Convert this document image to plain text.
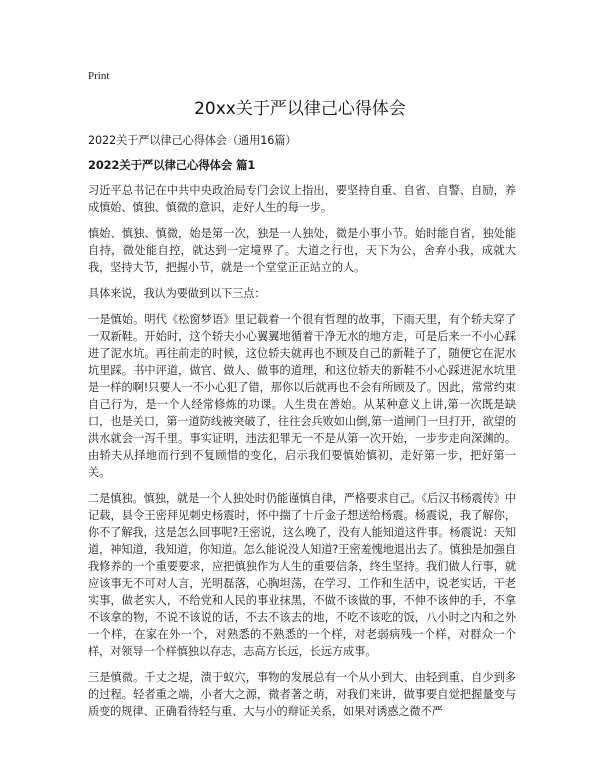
Print
20xx关于严以律己心得体会

2022关于严以律己心得体会（通用16篇）

2022关于严以律己心得体会 篇1

习近平总书记在中共中央政治局专门会议上指出，要坚持自重、自省、自警、自励，养成慎始、慎独、慎微的意识，走好人生的每一步。

慎始、慎独、慎微，始是第一次，独是一人独处，微是小事小节。始时能自省，独处能自持，微处能自控，就达到一定境界了。大道之行也，天下为公，舍弃小我，成就大我，坚持大节，把握小节，就是一个堂堂正正站立的人。

具体来说，我认为要做到以下三点：

一是慎始。明代《松窗梦语》里记载着一个很有哲理的故事，下雨天里，有个轿夫穿了一双新鞋。开始时，这个轿夫小心翼翼地循着干净无水的地方走，可是后来一不小心踩进了泥水坑。再往前走的时候，这位轿夫就再也不顾及自己的新鞋子了，随便它在泥水坑里踩。书中评道，做官、做人、做事的道理，和这位轿夫的新鞋不小心踩进泥水坑里是一样的啊!只要人一不小心犯了错，那你以后就再也不会有所顾及了。因此，常常约束自己行为，是一个人经常修炼的功课。人生贵在善始。从某种意义上讲,第一次既是缺口，也是关口，第一道防线被突破了，往往会兵败如山倒,第一道闸门一旦打开，欲望的洪水就会一泻千里。事实证明，违法犯罪无一不是从第一次开始，一步步走向深渊的。由轿夫从择地而行到不复顾惜的变化，启示我们要慎始慎初，走好第一步，把好第一关。

二是慎独。慎独，就是一个人独处时仍能谨慎自律，严格要求自己。《后汉书杨震传》中记载，县令王密拜见刺史杨震时，怀中揣了十斤金子想送给杨震。杨震说，我了解你，你不了解我，这是怎么回事呢?王密说，这么晚了，没有人能知道这件事。杨震说：天知道，神知道，我知道，你知道。怎么能说没人知道?王密羞愧地退出去了。慎独是加强自我修养的一个重要要求，应把慎独作为人生的重要信条，终生坚持。我们做人行事，就应该事无不可对人言，光明磊落，心胸坦荡，在学习、工作和生活中，说老实话，干老实事，做老实人，不给党和人民的事业抹黑，不做不该做的事，不伸不该伸的手，不拿不该拿的物，不说不该说的话，不去不该去的地，不吃不该吃的饭，八小时之内和之外一个样，在家在外一个，对熟悉的不熟悉的一个样，对老弱病残一个样，对群众一个样，对领导一个样慎独以存志，志高方长远，长远方成事。

三是慎微。千丈之堤，溃于蚁穴，事物的发展总有一个从小到大、由轻到重、自少到多的过程。轻者重之端，小者大之源，微者著之萌，对我们来讲，做事要自觉把握量变与质变的规律、正确看待轻与重、大与小的辩证关系，如果对诱惑之微不严
